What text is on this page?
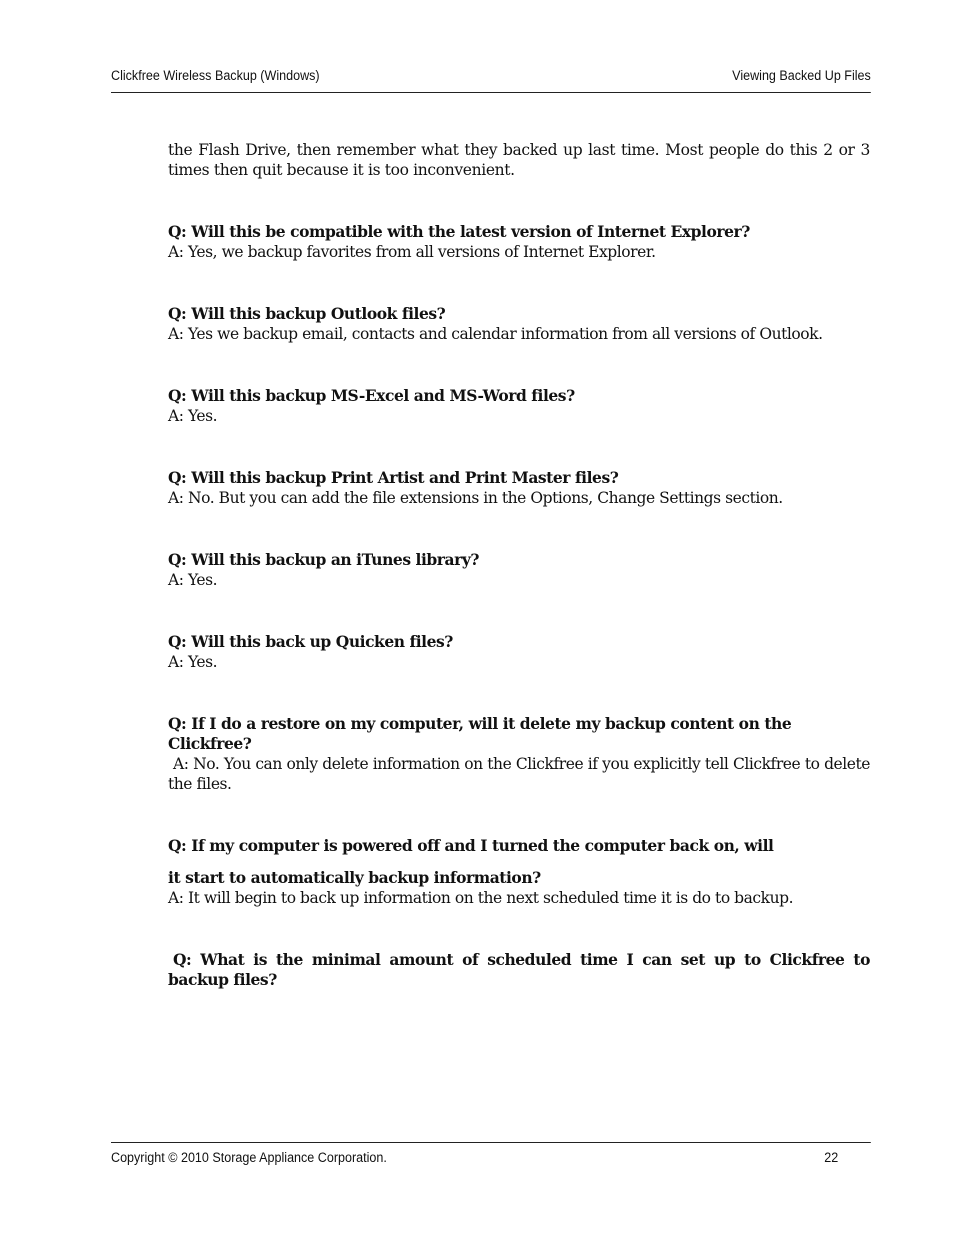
Clickfree Wireless Backup (Windows)	Viewing Backed Up Files

the Flash Drive, then remember what they backed up last time. Most people do this 2 or 3 times then quit because it is too inconvenient.

Q: Will this be compatible with the latest version of Internet Explorer?

A: Yes, we backup favorites from all versions of Internet Explorer.

Q: Will this backup Outlook files?

A: Yes we backup email, contacts and calendar information from all versions of Outlook.

Q: Will this backup MS-Excel and MS-Word files?

A: Yes.

Q: Will this backup Print Artist and Print Master files?

A: No. But you can add the file extensions in the Options, Change Settings section.

Q: Will this backup an iTunes library?

A: Yes.

Q: Will this back up Quicken files?

A: Yes.

Q: If I do a restore on my computer, will it delete my backup content on the Clickfree?

A: No. You can only delete information on the Clickfree if you explicitly tell Clickfree to delete the files.

Q: If my computer is powered off and I turned the computer back on, will

it start to automatically backup information?

A: It will begin to back up information on the next scheduled time it is do to backup.

Q: What is the minimal amount of scheduled time I can set up to Clickfree to backup files?

Copyright © 2010 Storage Appliance Corporation.	22
